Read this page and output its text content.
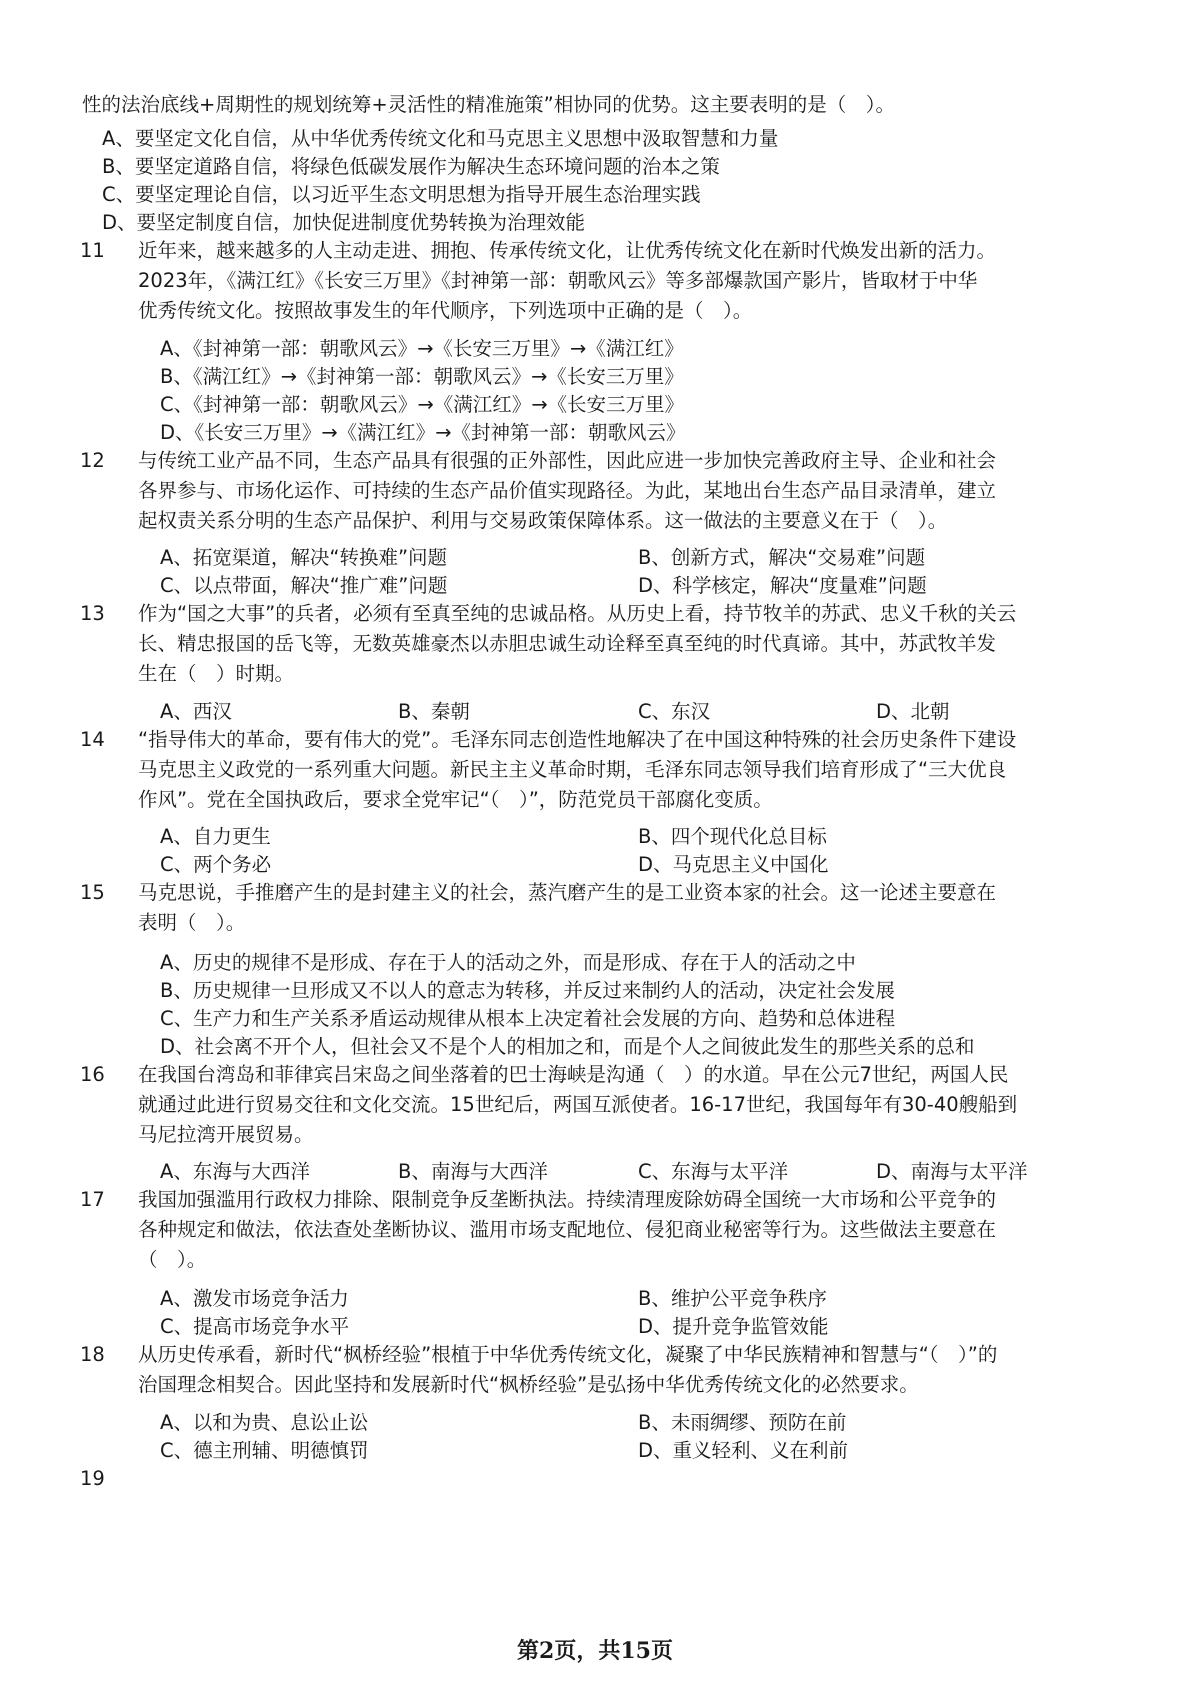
性的法治底线+周期性的规划统筹+灵活性的精准施策”相协同的优势。这主要表明的是（　）。
A、要坚定文化自信，从中华优秀传统文化和马克思主义思想中汲取智慧和力量
B、要坚定道路自信，将绿色低碳发展作为解决生态环境问题的治本之策
C、要坚定理论自信，以习近平生态文明思想为指导开展生态治理实践
D、要坚定制度自信，加快促进制度优势转换为治理效能
11 近年来，越来越多的人主动走进、拥抱、传承传统文化，让优秀传统文化在新时代焕发出新的活力。
2023年，《满江红》《长安三万里》《封神第一部：朝歌风云》等多部爆款国产影片，皆取材于中华
优秀传统文化。按照故事发生的年代顺序，下列选项中正确的是（　）。
A、《封神第一部：朝歌风云》→《长安三万里》→《满江红》
B、《满江红》→《封神第一部：朝歌风云》→《长安三万里》
C、《封神第一部：朝歌风云》→《满江红》→《长安三万里》
D、《长安三万里》→《满江红》→《封神第一部：朝歌风云》
12 与传统工业产品不同，生态产品具有很强的正外部性，因此应进一步加快完善政府主导、企业和社会
各界参与、市场化运作、可持续的生态产品价值实现路径。为此，某地出台生态产品目录清单，建立
起权责关系分明的生态产品保护、利用与交易政策保障体系。这一做法的主要意义在于（　）。
A、拓宽渠道，解决“转换难”问题	B、创新方式，解决“交易难”问题
C、以点带面，解决“推广难”问题	D、科学核定，解决“度量难”问题
13 作为“国之大事”的兵者，必须有至真至纯的忠诚品格。从历史上看，持节牧羊的苏武、忠义千秋的关云
长、精忠报国的岳飞等，无数英雄豪杰以赤胆忠诚生动诠释至真至纯的时代真谛。其中，苏武牧羊发
生在（　）时期。
A、西汉	B、秦朝	C、东汉	D、北朝
14 “指导伟大的革命，要有伟大的党”。毛泽东同志创造性地解决了在中国这种特殊的社会历史条件下建设
马克思主义政党的一系列重大问题。新民主主义革命时期，毛泽东同志领导我们培育形成了“三大优良
作风”。党在全国执政后，要求全党牢记“（　）”，防范党员干部腐化变质。
A、自力更生	B、四个现代化总目标
C、两个务必	D、马克思主义中国化
15 马克思说，手推磨产生的是封建主义的社会，蒸汽磨产生的是工业资本家的社会。这一论述主要意在
表明（　）。
A、历史的规律不是形成、存在于人的活动之外，而是形成、存在于人的活动之中
B、历史规律一旦形成又不以人的意志为转移，并反过来制约人的活动，决定社会发展
C、生产力和生产关系矛盾运动规律从根本上决定着社会发展的方向、趋势和总体进程
D、社会离不开个人，但社会又不是个人的相加之和，而是个人之间彼此发生的那些关系的总和
16 在我国台湾岛和菲律宾吕宋岛之间坐落着的巴士海峡是沟通（　）的水道。早在公元7世纪，两国人民
就通过此进行贸易交往和文化交流。15世纪后，两国互派使者。16-17世纪，我国每年有30-40艘船到
马尼拉湾开展贸易。
A、东海与大西洋	B、南海与大西洋	C、东海与太平洋	D、南海与太平洋
17 我国加强滥用行政权力排除、限制竞争反垄断执法。持续清理废除妨碍全国统一大市场和公平竞争的
各种规定和做法，依法查处垄断协议、滥用市场支配地位、侵犯商业秘密等行为。这些做法主要意在
（　）。
A、激发市场竞争活力	B、维护公平竞争秩序
C、提高市场竞争水平	D、提升竞争监管效能
18 从历史传承看，新时代“枫桥经验”根植于中华优秀传统文化，凝聚了中华民族精神和智慧与“（　）”的
治国理念相契合。因此坚持和发展新时代“枫桥经验”是弘扬中华优秀传统文化的必然要求。
A、以和为贵、息讼止讼	B、未雨绸缪、预防在前
C、德主刑辅、明德慎罚	D、重义轻利、义在利前
19
第2页，共15页
